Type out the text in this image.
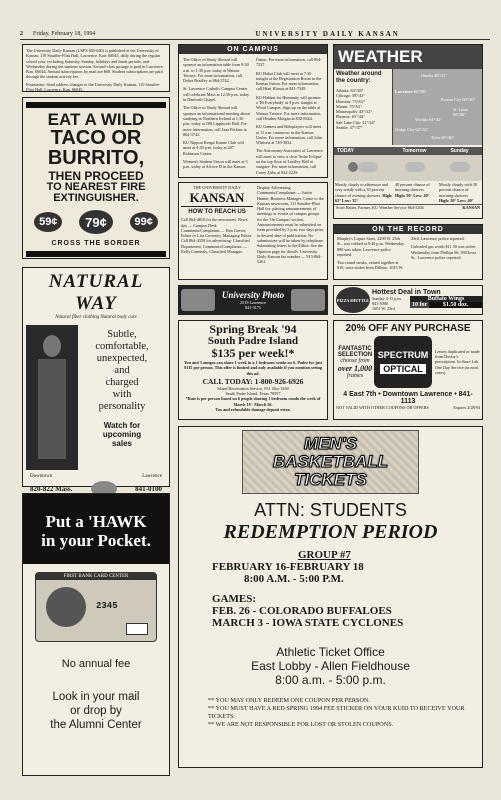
2 Friday, February 18, 1994	UNIVERSITY DAILY KANSAN

The University Daily Kansan (USPS 650-640) is published at the University of Kansas, 119 Stauffer-Flint Hall, Lawrence, Kan. 66045, daily during the regular school year, excluding Saturday, Sunday, holidays and finals periods, and Wednesday during the summer session. Second-class postage is paid in Lawrence, Kan. 66044. Annual subscriptions by mail are $60. Student subscriptions are paid through the student activity fee.

Postmaster: Send address changes to the University Daily Kansan, 119 Stauffer-Flint Hall, Lawrence, Kan. 66045.

EAT A WILD
TACO OR
BURRITO,
THEN PROCEED
TO NEAREST FIRE
EXTINGUISHER.
59¢	79¢	99¢
CROSS THE BORDER
NATURAL WAY
Natural fiber clothing Natural body care
Subtle,
comfortable,
unexpected,
and
charged
with
personality
Watch for
upcoming
sales
Downtown	Lawrence
820-822 Mass.	841-0100
Put a 'HAWK
in your Pocket.
FIRST BANK CARD CENTER
2345
No annual fee
Look in your mail
or drop by
the Alumni Center
ON CAMPUS

The Office of Study Abroad will sponsor an information table from 8:30 a.m. to 1:30 p.m. today at Watson Terrace. For more information, call Debra Bradley at 864-3742.

St. Lawrence Catholic Campus Center will celebrate Mass at 12:30 p.m. today in Danforth Chapel.

The Office of Study Abroad will sponsor an informational meeting about studying in Northern Ireland at 1:30 p.m. today at 108 Lippincott Hall. For more information, call Jana Perkins at 864-3742.

KU Nippon Kenpo Karate Club will meet at 4:30 p.m. today at 207 Robinson Center.

Women's Student Union will meet at 5 p.m. today at Alcove D in the Kansas Union. For more information, call 864-7337.

KU Bahai Club will meet at 7:30 tonight at the Registration Room in the Kansas Union. For more information, call Hiatt Khasat at 841-7349.

KU Habitat for Humanity will sponsor a 'Hi Everybody' at 9 p.m. tonight at Wood Campus. Sign up on the table at Watson Terrace. For more information, call Heather Morgan at 832-8344.

KU Gamers and Roleplayers will meet at 11 a.m. tomorrow in the Kansas Union. For more information, call John Whitsett at 749-3832.

The Astronomy Associates of Lawrence will meet to view a clear 'Solar Eclipse' on the top floor of Lindley Hall to stargaze. For more information, call Corey Zirbs at 842-2229.

THE UNIVERSITY DAILY
KANSAN
HOW TO REACH US

Call 864-4810 for the newsroom: News tips — Campus Desk Comments/Complaints — Ben Grover, Editor or Lisa Coventry, Managing Editor. Call 864-4358 for advertising: Classified Department, Comments/Complaints — Kelly Connealy, Classified Manager.

Display Advertising Comments/Complaints — Justin Hunter, Business Manager. Come to the Kansan newsroom, 111 Stauffer-Flint Hall for: placing announcements of meetings or events of campus groups for the 'On Campus' section. Announcements must be submitted on form provided by 5 p.m. two days prior to desired date of publication. No submissions will be taken by telephone. Submitting letters to the Editor. See the Opinion page for details. University Daily Kansan fax number — 913-864-5261

WEATHER
Weather around the country:
Atlanta: 63°/49°
Chicago: 58°/43°
Houston: 73°/62°
Miami: 75°/61°
Minneapolis: 43°/32°
Phoenix: 65°/44°
Salt Lake City: 41°/24°
Seattle: 47°/37°
Omaha 48°/31°
Lawrence 62°/35°
Kansas City 60°/40°
St. Louis 60°/40°
Wichita 64°/42°
Dodge City 62°/32°
Tulsa 65°/40°
TODAY	Tomorrow	Sunday
Mostly cloudy to afternoon and very windy with a 30 percent chance of evening showers. High: 62° Low: 35°
40 percent chance of morning showers
High: 50° Low: 40°
Mostly cloudy with 20 percent chance of morning showers
High: 50° Low: 40°
Scott Hatter, Farmer, KU Weather Service 864-5204	KANSAN
ON THE RECORD

Murphy's Liquor Store, 2200 W. 25th St., was robbed at 9:40 p.m. Wednesday. $90 was taken, Lawrence police reported.

Two round steaks, valued together at $10, were stolen from Dillons, 1015 W. 23rd, Lawrence police reported.

Unleaded gas worth $11.50 was stolen Wednesday from Phillips 66, 900 Iowa St., Lawrence police reported.

University Photo
2519 Lawrence
841-3171
PIZZA SHUTTLE
Hottest Deal in Town
Sunday 4-11 p.m.
841-5000
1601 W. 23rd
Buffalo Wings
10 for	$1.50 doz.
Spring Break '94
South Padre Island
$135 per week!*

You and 3 amigos can share 1 week in a 1 bedroom condo on S. Padre for just $135 per person. This offer is limited and only available if you mention seeing this ad.

CALL TODAY: 1-800-926-6926
Island Reservation Service, P.O. Box 3160
South Padre Island, Texas 78597

*Rate is per person based on 6 people sharing 1 bedroom condo the week of March 19 - March 26.

Tax and refundable damage deposit extra.
20% OFF ANY PURCHASE
FANTASTIC
SELECTION
choose from
over 1,000
frames
SPECTRUM
OPTICAL

Lenses duplicated or made from Doctor's prescription. In Store Lab One Day Service (in most cases).

4 East 7th • Downtown Lawrence • 841-1113
NOT VALID WITH OTHER COUPONS OR OFFERS	Expires 2/28/94
MEN'S
BASKETBALL
TICKETS
ATTN: STUDENTS
REDEMPTION PERIOD
GROUP #7
FEBRUARY 16-FEBRUARY 18
8:00 A.M. - 5:00 P.M.
GAMES:
FEB. 26 - COLORADO BUFFALOES
MARCH 3 - IOWA STATE CYCLONES
Athletic Ticket Office
East Lobby - Allen Fieldhouse
8:00 a.m. - 5:00 p.m.
** YOU MAY ONLY REDEEM ONE COUPON PER PERSON.
** YOU MUST HAVE A RED SPRING 1994 FEE STICKER ON YOUR KUID TO RECEIVE YOUR TICKETS.
** WE ARE NOT RESPONSIBLE FOR LOST OR STOLEN COUPONS.
